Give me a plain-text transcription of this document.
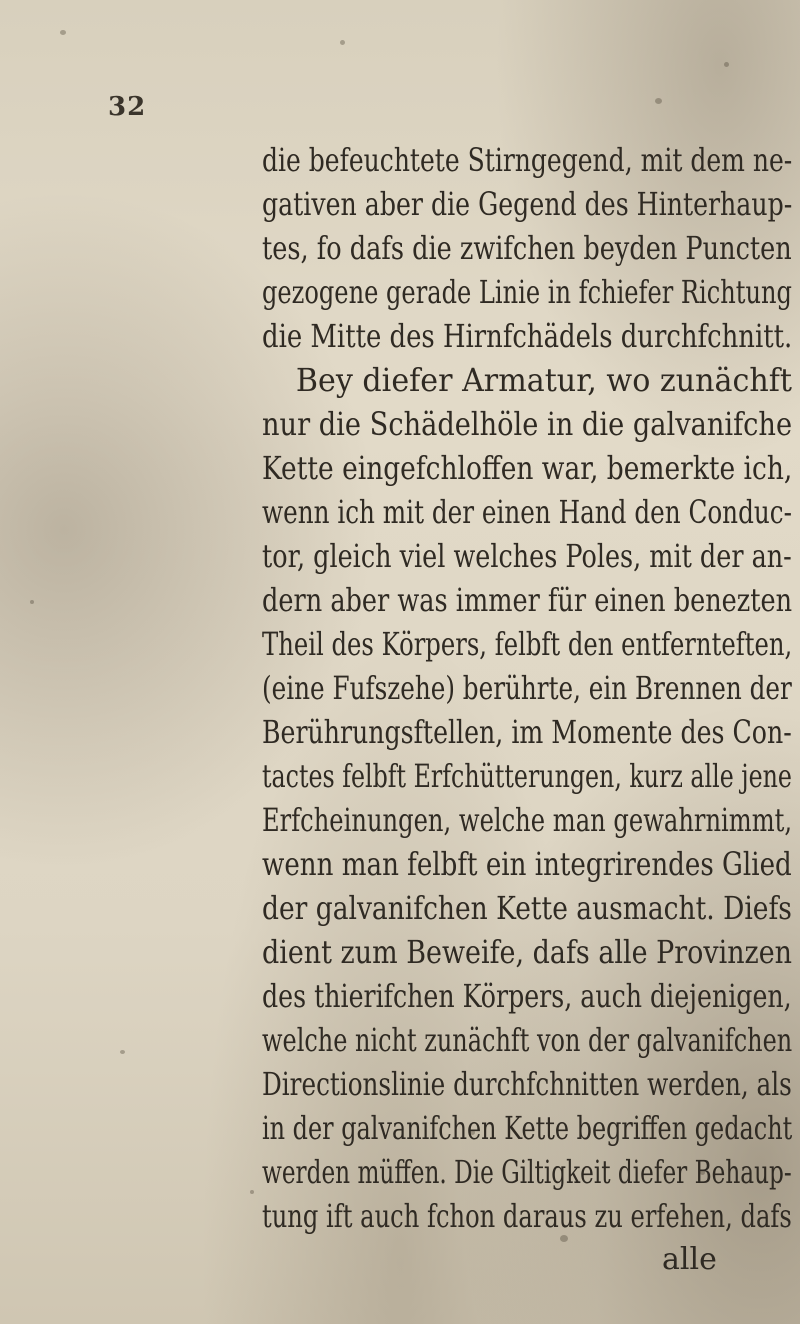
32
die befeuchtete Stirngegend, mit dem ne-
gativen aber die Gegend des Hinterhaup-
tes, fo dafs die zwifchen beyden Puncten
gezogene gerade Linie in fchiefer Richtung
die Mitte des Hirnfchädels durchfchnitt.
Bey diefer Armatur, wo zunächft
nur die Schädelhöle in die galvanifche
Kette eingefchloffen war, bemerkte ich,
wenn ich mit der einen Hand den Conduc-
tor, gleich viel welches Poles, mit der an-
dern aber was immer für einen benezten
Theil des Körpers, felbft den entfernteften,
(eine Fufszehe) berührte, ein Brennen der
Berührungsftellen, im Momente des Con-
tactes felbft Erfchütterungen, kurz alle jene
Erfcheinungen, welche man gewahrnimmt,
wenn man felbft ein integrirendes Glied
der galvanifchen Kette ausmacht. Diefs
dient zum Beweife, dafs alle Provinzen
des thierifchen Körpers, auch diejenigen,
welche nicht zunächft von der galvanifchen
Directionslinie durchfchnitten werden, als
in der galvanifchen Kette begriffen gedacht
werden müffen. Die Giltigkeit diefer Behaup-
tung ift auch fchon daraus zu erfehen, dafs
alle
